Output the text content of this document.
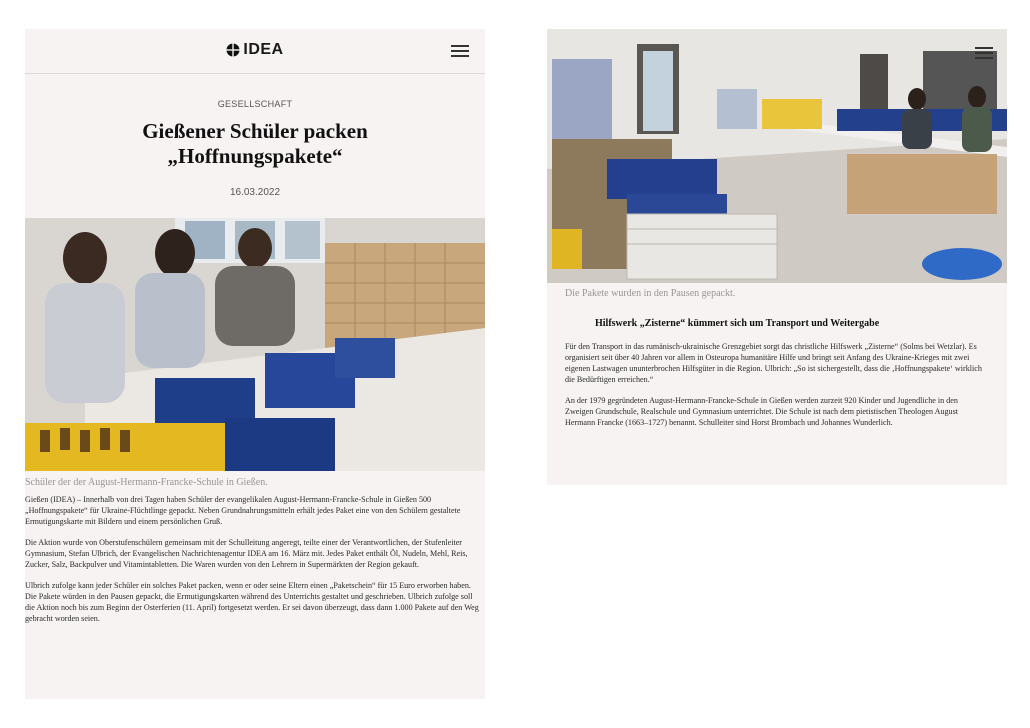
IDEA
GESELLSCHAFT
Gießener Schüler packen
„Hoffnungspakete“
16.03.2022
Schüler der der August-Hermann-Francke-Schule in Gießen.

Gießen (IDEA) – Innerhalb von drei Tagen haben Schüler der evangelikalen August-Hermann-Francke-Schule in Gießen 500 „Hoffnungspakete“ für Ukraine-Flüchtlinge gepackt. Neben Grundnahrungsmitteln erhält jedes Paket eine von den Schülern gestaltete Ermutigungskarte mit Bildern und einem persönlichen Gruß.

Die Aktion wurde von Oberstufenschülern gemeinsam mit der Schulleitung angeregt, teilte einer der Verantwortlichen, der Stufenleiter Gymnasium, Stefan Ulbrich, der Evangelischen Nachrichtenagentur IDEA am 16. März mit. Jedes Paket enthält Öl, Nudeln, Mehl, Reis, Zucker, Salz, Backpulver und Vitamintabletten. Die Waren wurden von den Lehrern in Supermärkten der Region gekauft.

Ulbrich zufolge kann jeder Schüler ein solches Paket packen, wenn er oder seine Eltern einen „Paketschein“ für 15 Euro erworben haben. Die Pakete würden in den Pausen gepackt, die Ermutigungskarten während des Unterrichts gestaltet und geschrieben. Ulbrich zufolge soll die Aktion noch bis zum Beginn der Osterferien (11. April) fortgesetzt werden. Er sei davon überzeugt, dass dann 1.000 Pakete auf den Weg gebracht worden seien.

Die Pakete wurden in den Pausen gepackt.
Hilfswerk „Zisterne“ kümmert sich um Transport und Weitergabe

Für den Transport in das rumänisch-ukrainische Grenzgebiet sorgt das christliche Hilfswerk „Zisterne“ (Solms bei Wetzlar). Es organisiert seit über 40 Jahren vor allem in Osteuropa humanitäre Hilfe und bringt seit Anfang des Ukraine-Krieges mit zwei eigenen Lastwagen ununterbrochen Hilfsgüter in die Region. Ulbrich: „So ist sichergestellt, dass die ‚Hoffnungspakete‘ wirklich die Bedürftigen erreichen.“

An der 1979 gegründeten August-Hermann-Francke-Schule in Gießen werden zurzeit 920 Kinder und Jugendliche in den Zweigen Grundschule, Realschule und Gymnasium unterrichtet. Die Schule ist nach dem pietistischen Theologen August Hermann Francke (1663–1727) benannt. Schulleiter sind Horst Brombach und Johannes Wunderlich.
